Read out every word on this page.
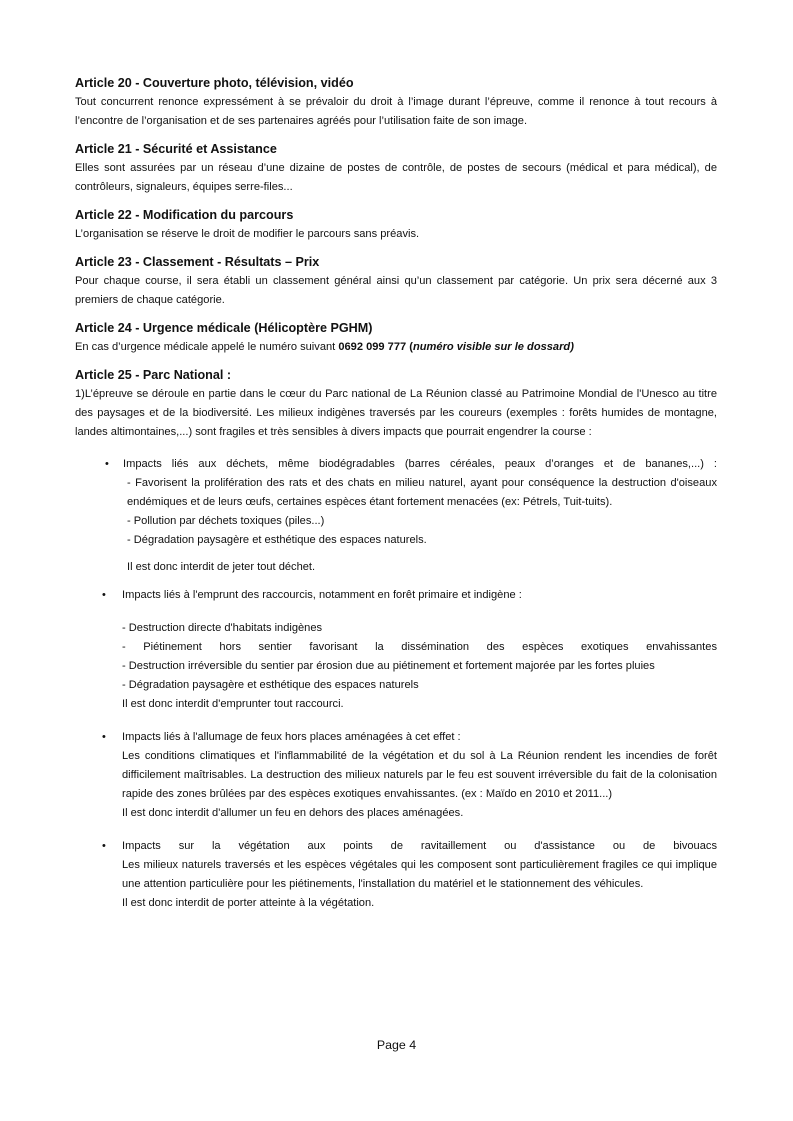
Article 20 - Couverture photo, télévision, vidéo

Tout concurrent renonce expressément à se prévaloir du droit à l’image durant l’épreuve, comme il renonce à tout recours à l’encontre de l’organisation et de ses partenaires agréés pour l’utilisation faite de son image.

Article 21 - Sécurité et Assistance

Elles sont assurées par un réseau d’une dizaine de postes de contrôle, de postes de secours (médical et para médical), de contrôleurs, signaleurs, équipes serre-files...

Article 22 - Modification du parcours

L’organisation se réserve le droit de modifier le parcours sans préavis.

Article 23 - Classement - Résultats – Prix

Pour chaque course, il sera établi un classement général ainsi qu’un classement par catégorie. Un prix sera décerné aux 3 premiers de chaque catégorie.

Article 24 - Urgence médicale (Hélicoptère PGHM)

En cas d’urgence médicale appelé le numéro suivant 0692 099 777 (numéro visible sur le dossard)

Article 25 - Parc National :

1)L’épreuve se déroule en partie dans le cœur du Parc national de La Réunion classé au Patrimoine Mondial de l'Unesco au titre des paysages et de la biodiversité. Les milieux indigènes traversés par les coureurs (exemples : forêts humides de montagne, landes altimontaines,...) sont fragiles et très sensibles à divers impacts que pourrait engendrer la course :

• Impacts liés aux déchets, même biodégradables (barres céréales, peaux d’oranges et de bananes,...) :
- Favorisent la prolifération des rats et des chats en milieu naturel, ayant pour conséquence la destruction d'oiseaux endémiques et de leurs œufs, certaines espèces étant fortement menacées (ex: Pétrels, Tuit-tuits).
- Pollution par déchets toxiques (piles...)
- Dégradation paysagère et esthétique des espaces naturels.
Il est donc interdit de jeter tout déchet.
• Impacts liés à l'emprunt des raccourcis, notamment en forêt primaire et indigène :
- Destruction directe d'habitats indigènes
- Piétinement hors sentier favorisant la dissémination des espèces exotiques envahissantes
- Destruction irréversible du sentier par érosion due au piétinement et fortement majorée par les fortes pluies
- Dégradation paysagère et esthétique des espaces naturels
Il est donc interdit d'emprunter tout raccourci.
• Impacts liés à l'allumage de feux hors places aménagées à cet effet :
Les conditions climatiques et l'inflammabilité de la végétation et du sol à La Réunion rendent les incendies de forêt difficilement maîtrisables. La destruction des milieux naturels par le feu est souvent irréversible du fait de la colonisation rapide des zones brûlées par des espèces exotiques envahissantes. (ex : Maïdo en 2010 et 2011...)
Il est donc interdit d'allumer un feu en dehors des places aménagées.
• Impacts sur la végétation aux points de ravitaillement ou d'assistance ou de bivouacs
Les milieux naturels traversés et les espèces végétales qui les composent sont particulièrement fragiles ce qui implique une attention particulière pour les piétinements, l'installation du matériel et le stationnement des véhicules.
Il est donc interdit de porter atteinte à la végétation.
Page 4
